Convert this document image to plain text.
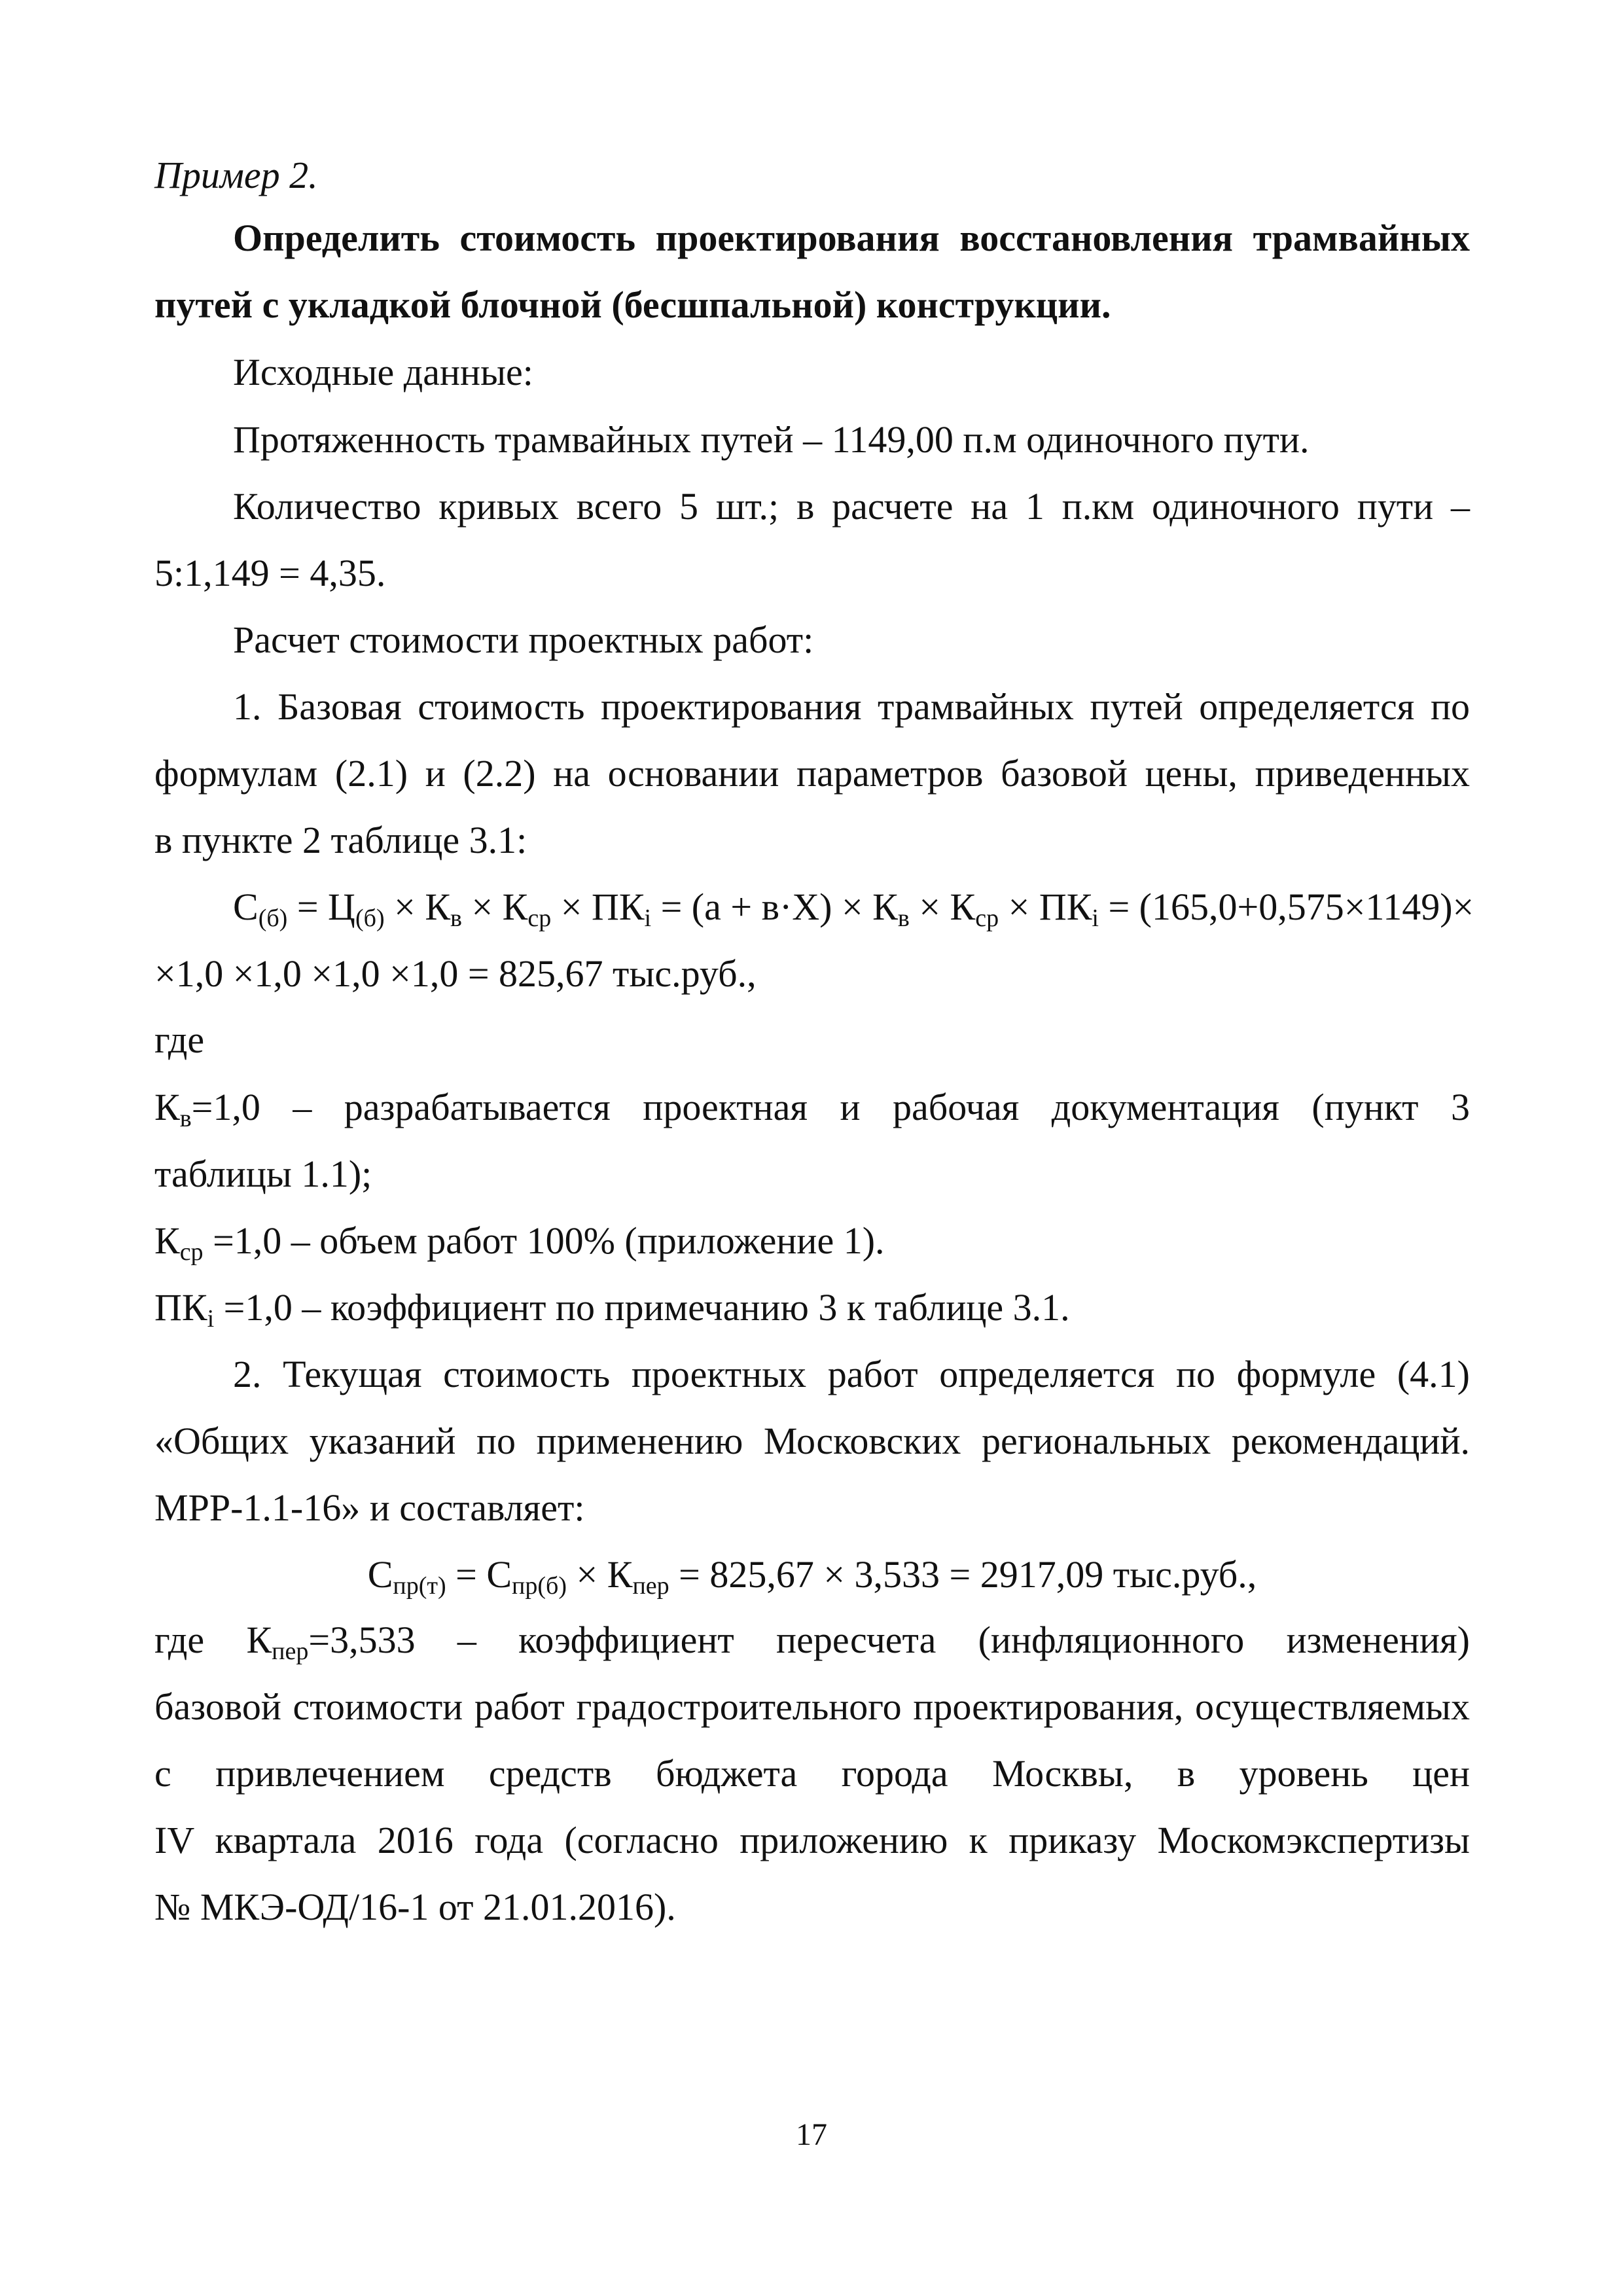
Пример 2.
Определить стоимость проектирования восстановления трамвайных
путей с укладкой блочной (бесшпальной) конструкции.
Исходные данные:
Протяженность трамвайных путей – 1149,00 п.м одиночного пути.
Количество кривых всего 5 шт.; в расчете на 1 п.км одиночного пути –
5:1,149 = 4,35.
Расчет стоимости проектных работ:
1. Базовая стоимость проектирования трамвайных путей определяется по
формулам (2.1) и (2.2) на основании параметров базовой цены, приведенных
в пункте 2 таблице 3.1:
$С_{(б)} = Ц_{(б)} \times К_в \times К_{ср} \times ПК_i = (а + в\cdot Х) \times К_в \times К_{ср} \times ПК_i = (165,0+0,575\times 1149)\times$
×1,0 ×1,0 ×1,0 ×1,0 = 825,67 тыс.руб.,
где
$К_в=1,0$ – разрабатывается проектная и рабочая документация (пункт 3
таблицы 1.1);
$К_{ср} =1,0$ – объем работ 100% (приложение 1).
$ПК_i =1,0$ – коэффициент по примечанию 3 к таблице 3.1.
2. Текущая стоимость проектных работ определяется по формуле (4.1)
«Общих указаний по применению Московских региональных рекомендаций.
МРР-1.1-16» и составляет:
$С_{пр(т)} = С_{пр(б)} \times К_{пер} = 825,67 \times 3,533 = 2917,09$ тыс.руб.,
где $К_{пер}=3,533$ – коэффициент пересчета (инфляционного изменения)
базовой стоимости работ градостроительного проектирования, осуществляемых
с привлечением средств бюджета города Москвы, в уровень цен
IV квартала 2016 года (согласно приложению к приказу Москомэкспертизы
№ МКЭ-ОД/16-1 от 21.01.2016).
17
